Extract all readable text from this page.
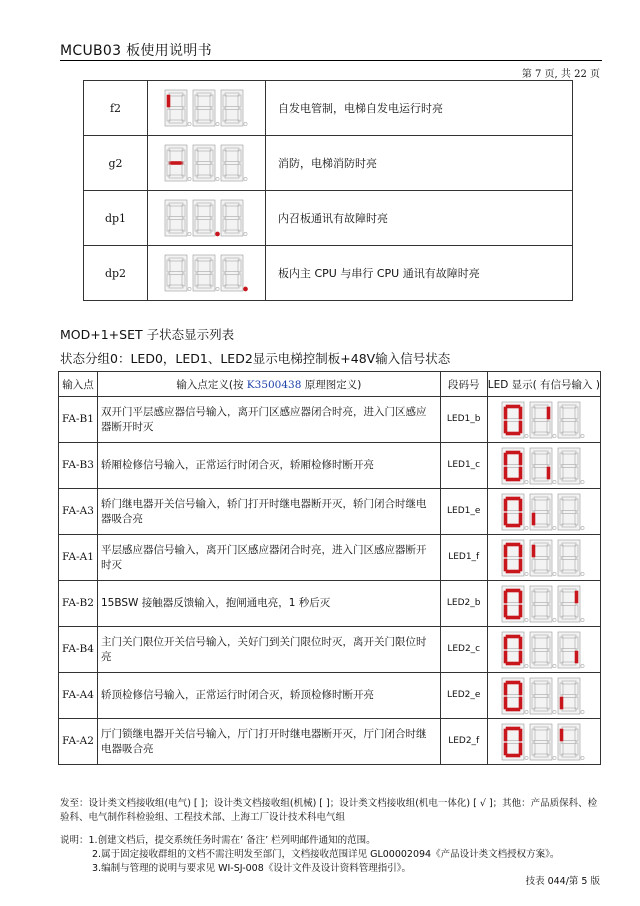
MCUB03 板使用说明书
第 7 页, 共 22 页
f2		自发电管制，电梯自发电运行时亮
g2		消防，电梯消防时亮
dp1		内召板通讯有故障时亮
dp2		板内主 CPU 与串行 CPU 通讯有故障时亮
MOD+1+SET 子状态显示列表
状态分组0：LED0，LED1、LED2显示电梯控制板+48V输入信号状态
输入点	输入点定义(按 K3500438 原理图定义)	段码号	LED 显示( 有信号输入 )
FA-B1	双开门平层感应器信号输入，离开门区感应器闭合时亮，进入门区感应器断开时灭	LED1_b	

FA-B3	轿厢检修信号输入，正常运行时闭合灭，轿厢检修时断开亮	LED1_c	

FA-A3	轿门继电器开关信号输入，轿门打开时继电器断开灭，轿门闭合时继电器吸合亮	LED1_e	

FA-A1	平层感应器信号输入，离开门区感应器闭合时亮，进入门区感应器断开时灭	LED1_f	

FA-B2	15BSW 接触器反馈输入，抱闸通电亮，1 秒后灭	LED2_b	

FA-B4	主门关门限位开关信号输入，关好门到关门限位时灭，离开关门限位时亮	LED2_c	

FA-A4	轿顶检修信号输入，正常运行时闭合灭，轿顶检修时断开亮	LED2_e	

FA-A2	厅门锁继电器开关信号输入，厅门打开时继电器断开灭，厅门闭合时继电器吸合亮	LED2_f	
发至：设计类文档接收组(电气) [ ]；设计类文档接收组(机械) [ ]；设计类文档接收组(机电一体化) [ √ ]；其他：产品质保科、检验科、电气制作科检验组、工程技术部、上海工厂设计技术科电气组
说明：1.创建文档后，提交系统任务时需在’ 备注’ 栏列明邮件通知的范围。
2.属于固定接收群组的文档不需注明发至部门，文档接收范围详见 GL00002094《产品设计类文档授权方案》。
3.编制与管理的说明与要求见 WI-SJ-008《设计文件及设计资料管理指引》。
技表 044/第 5 版
